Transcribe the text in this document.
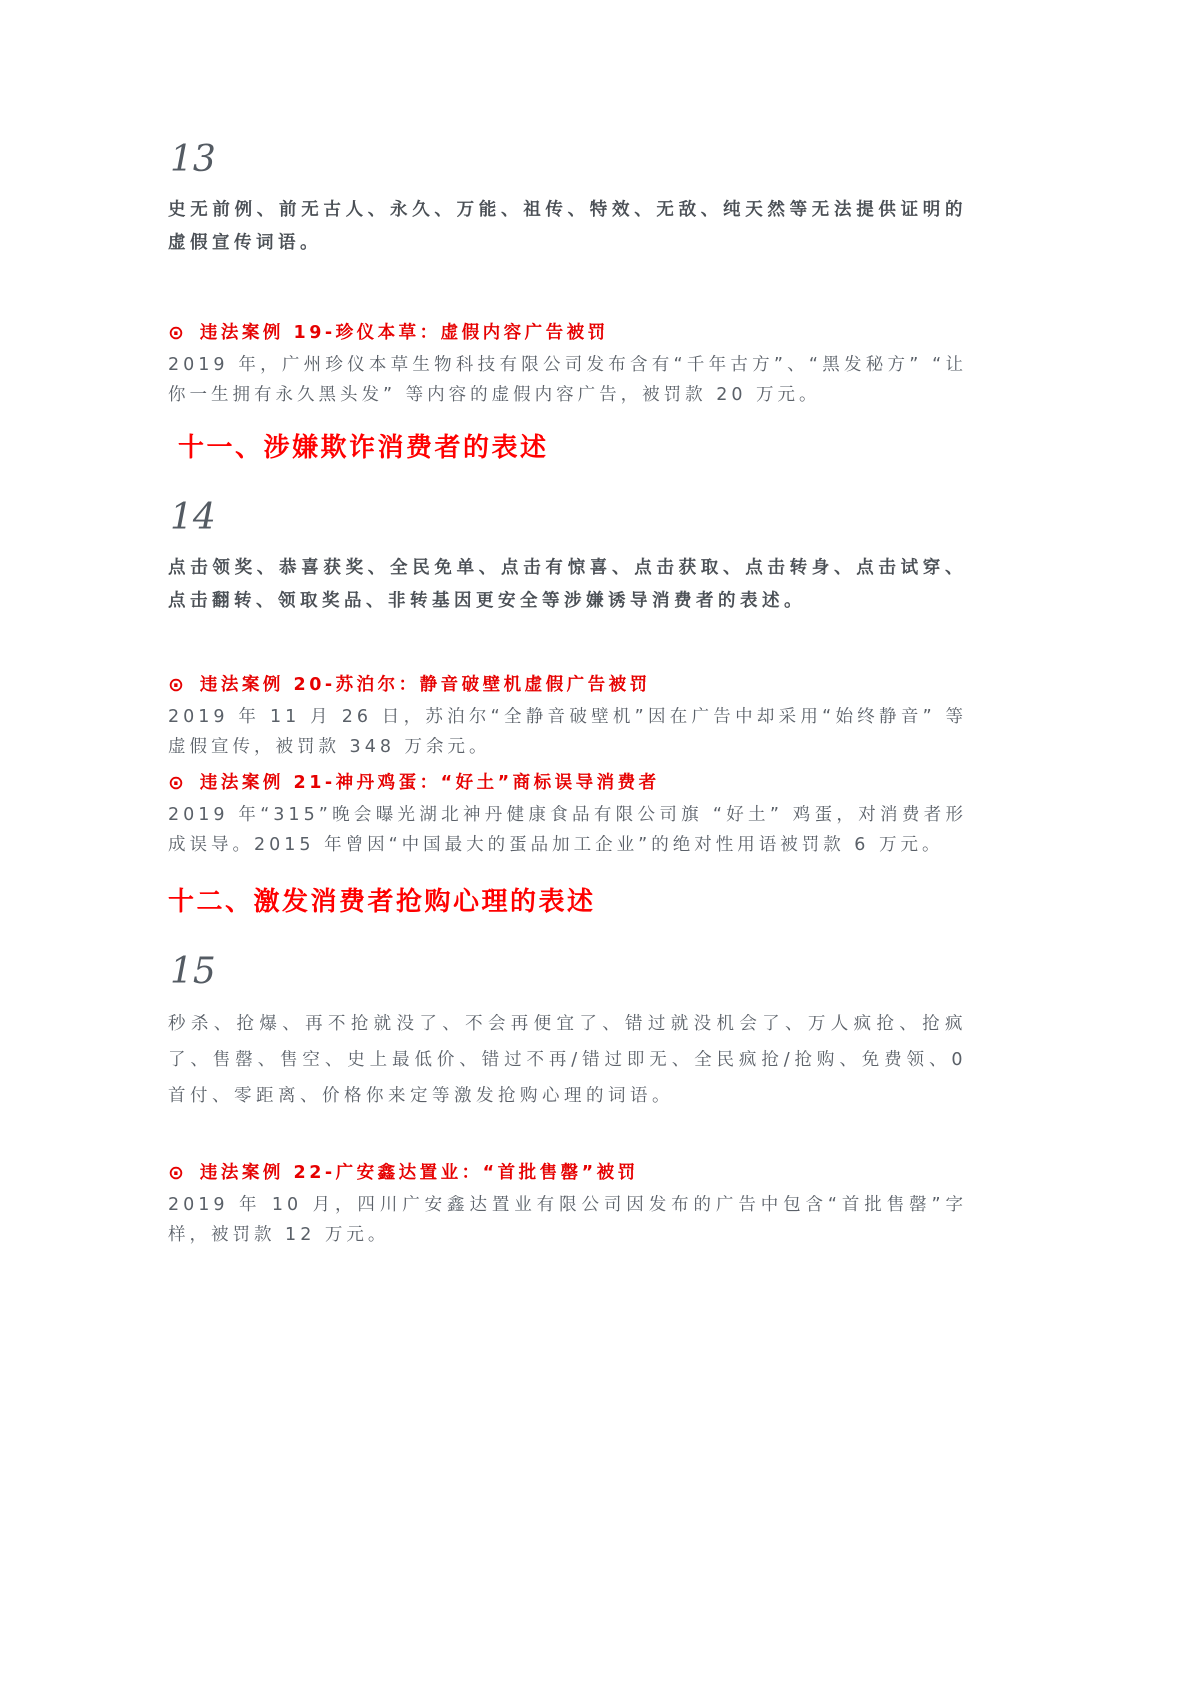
13

史无前例、前无古人、永久、万能、祖传、特效、无敌、纯天然等无法提供证明的虚假宣传词语。

⊙ 违法案例 19-珍仪本草：虚假内容广告被罚

2019 年，广州珍仪本草生物科技有限公司发布含有“千年古方”、“黑发秘方” “让你一生拥有永久黑头发” 等内容的虚假内容广告，被罚款 20 万元。

十一、涉嫌欺诈消费者的表述
14

点击领奖、恭喜获奖、全民免单、点击有惊喜、点击获取、点击转身、点击试穿、点击翻转、领取奖品、非转基因更安全等涉嫌诱导消费者的表述。

⊙ 违法案例 20-苏泊尔：静音破壁机虚假广告被罚

2019 年 11 月 26 日，苏泊尔“全静音破壁机”因在广告中却采用“始终静音” 等虚假宣传，被罚款 348 万余元。

⊙ 违法案例 21-神丹鸡蛋：“好土”商标误导消费者

2019 年“315”晚会曝光湖北神丹健康食品有限公司旗 “好土” 鸡蛋，对消费者形成误导。2015 年曾因“中国最大的蛋品加工企业”的绝对性用语被罚款 6 万元。

十二、激发消费者抢购心理的表述
15

秒杀、抢爆、再不抢就没了、不会再便宜了、错过就没机会了、万人疯抢、抢疯了、售罄、售空、史上最低价、错过不再/错过即无、全民疯抢/抢购、免费领、0 首付、零距离、价格你来定等激发抢购心理的词语。

⊙ 违法案例 22-广安鑫达置业：“首批售罄”被罚

2019 年 10 月，四川广安鑫达置业有限公司因发布的广告中包含“首批售罄”字样，被罚款 12 万元。
